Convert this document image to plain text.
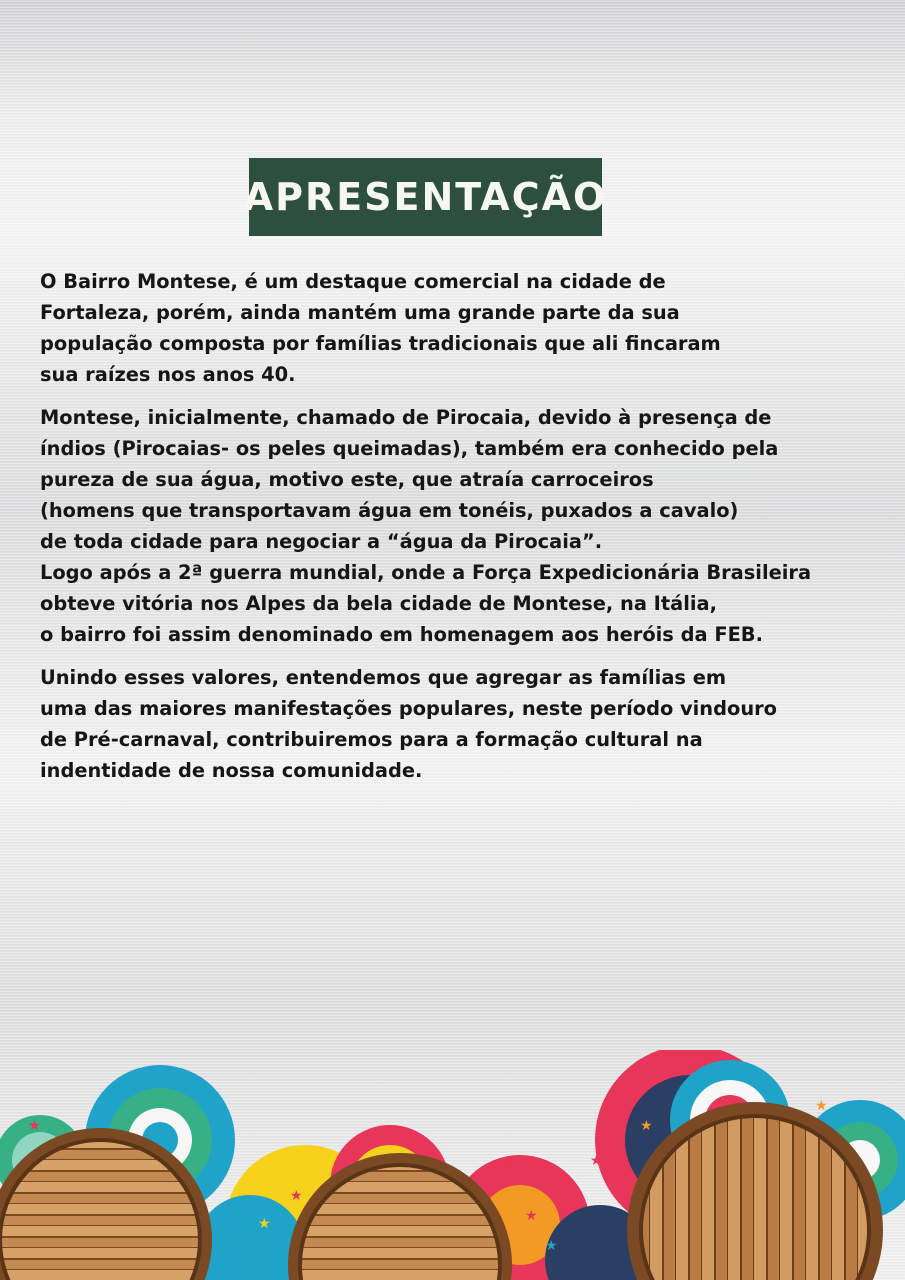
APRESENTAÇÃO

O Bairro Montese, é um destaque comercial na cidade de
Fortaleza, porém, ainda mantém uma grande parte da sua
população composta por famílias tradicionais que ali fincaram
sua raízes nos anos 40.

Montese, inicialmente, chamado de Pirocaia, devido à presença de
índios (Pirocaias- os peles queimadas), também era conhecido pela
pureza de sua água, motivo este, que atraía carroceiros
(homens que transportavam água em tonéis, puxados a cavalo)
de toda cidade para negociar a “água da Pirocaia”.
Logo após a 2ª guerra mundial, onde a Força Expedicionária Brasileira
obteve vitória nos Alpes da bela cidade de Montese, na Itália,
o bairro foi assim denominado em homenagem aos heróis da FEB.

Unindo esses valores, entendemos que agregar as famílias em
uma das maiores manifestações populares, neste período vindouro
de Pré-carnaval, contribuiremos para a formação cultural na
indentidade de nossa comunidade.

★
★
★
★
★
★
★
★
★
